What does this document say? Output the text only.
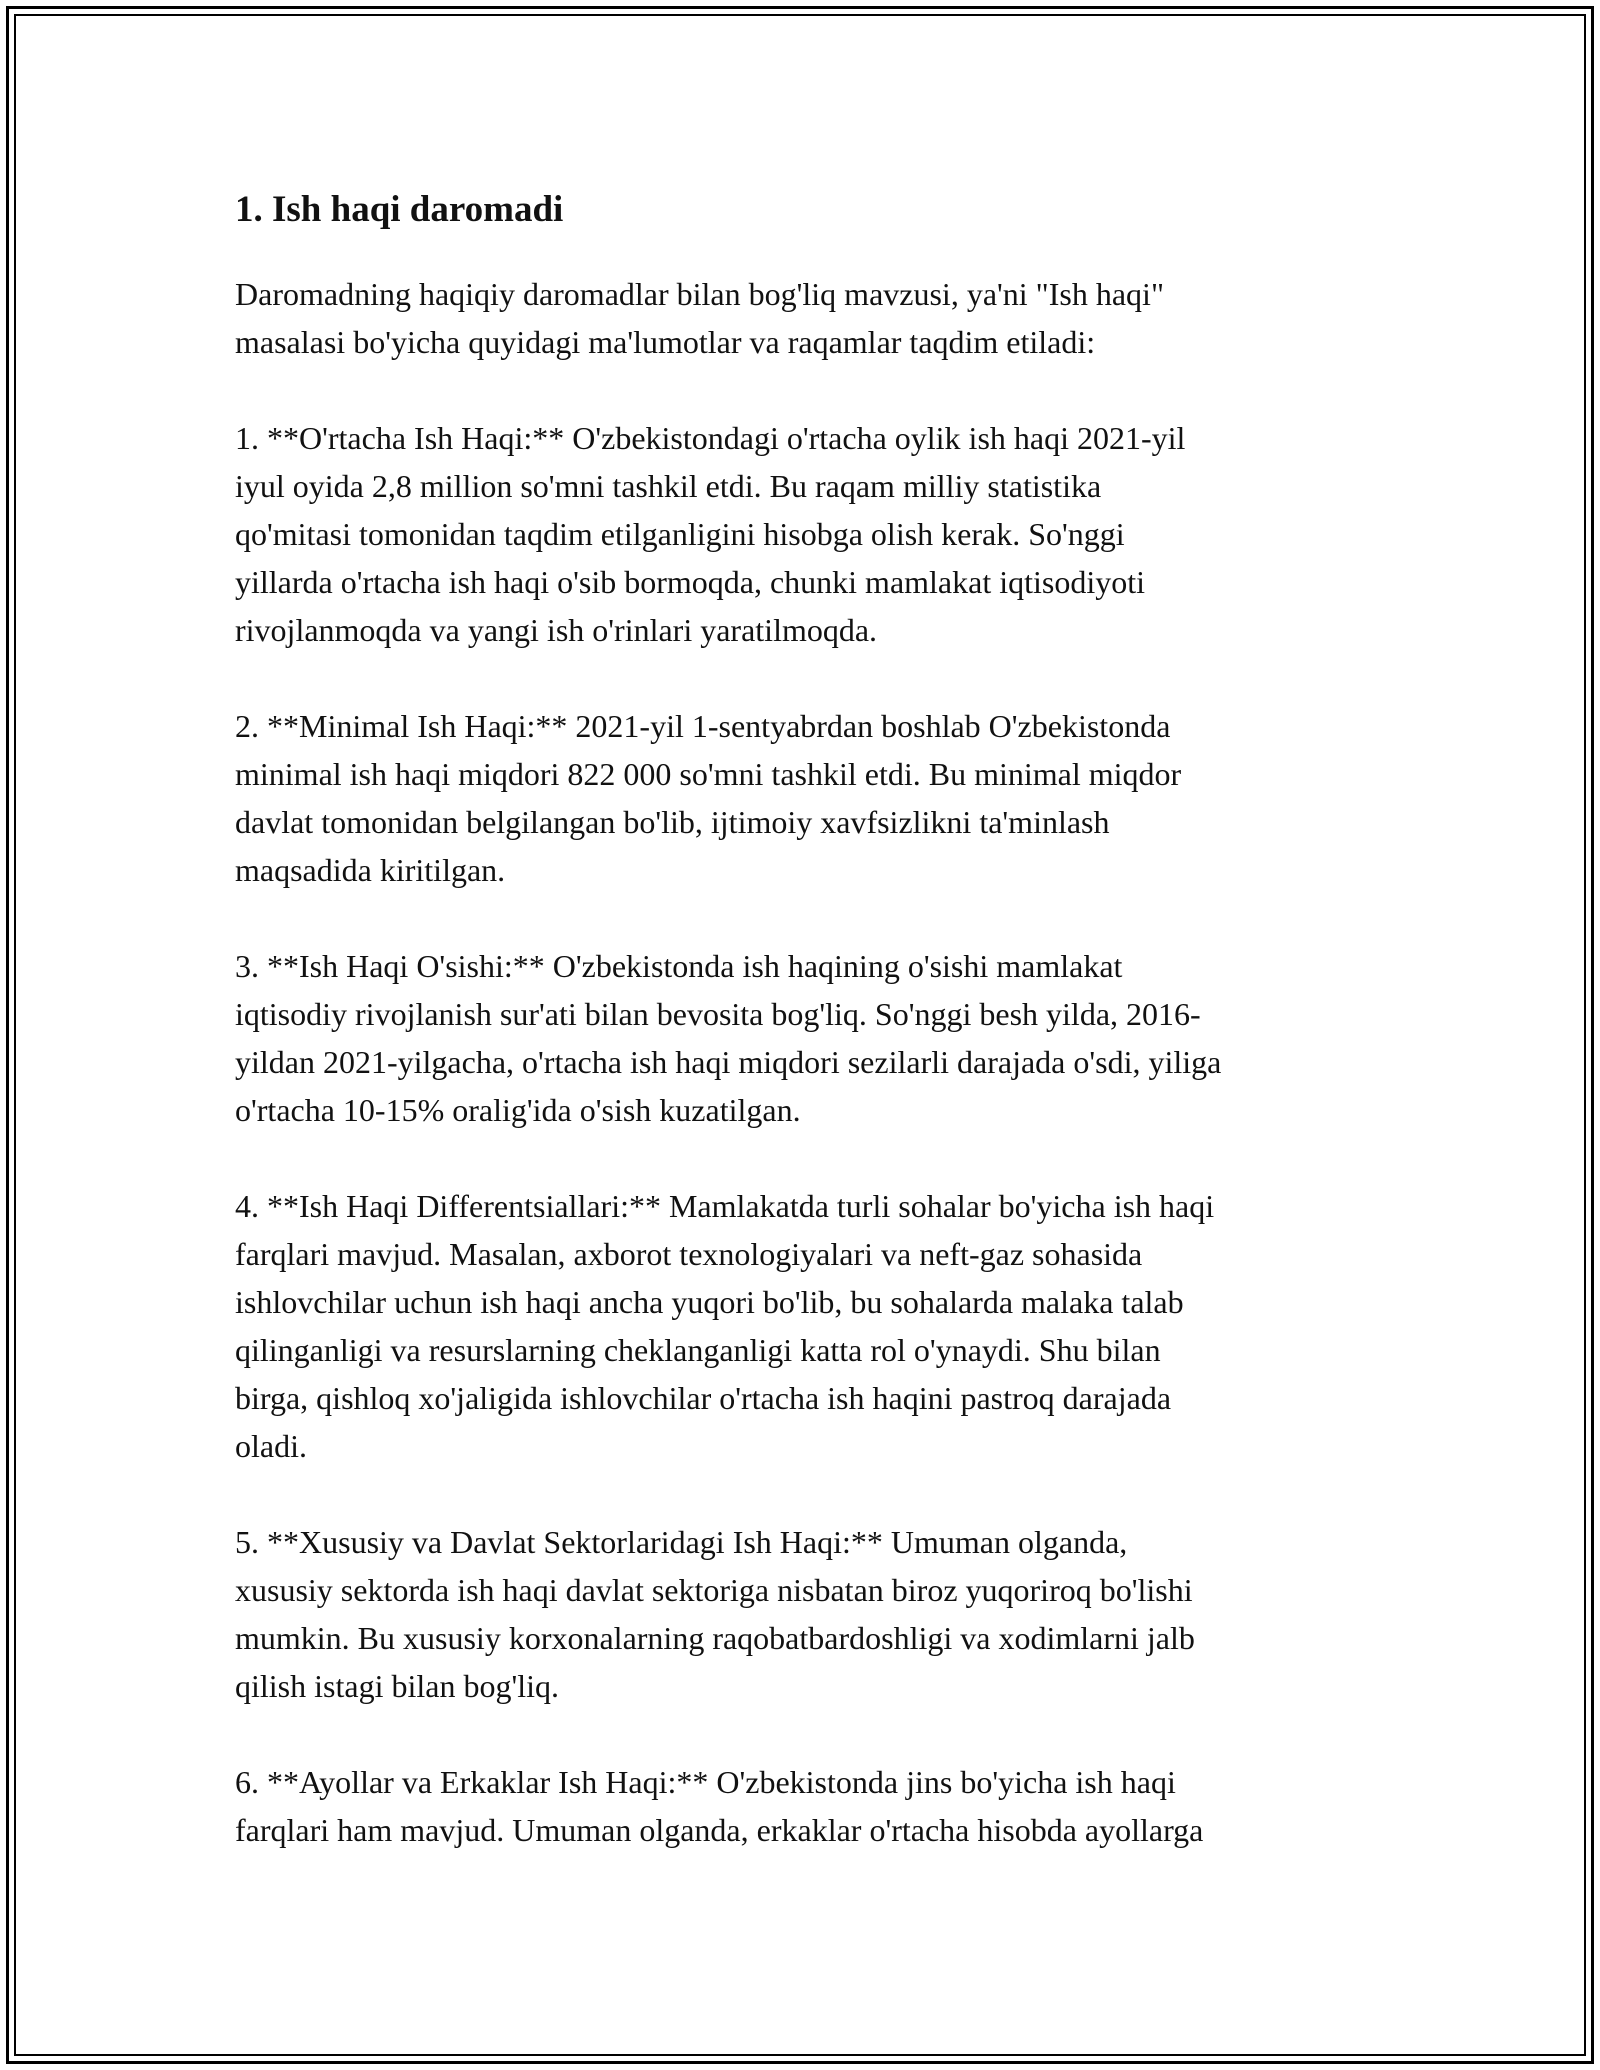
1. Ish haqi daromadi

Daromadning haqiqiy daromadlar bilan bog'liq mavzusi, ya'ni "Ish haqi"
masalasi bo'yicha quyidagi ma'lumotlar va raqamlar taqdim etiladi:

1. **O'rtacha Ish Haqi:** O'zbekistondagi o'rtacha oylik ish haqi 2021-yil
iyul oyida 2,8 million so'mni tashkil etdi. Bu raqam milliy statistika
qo'mitasi tomonidan taqdim etilganligini hisobga olish kerak. So'nggi
yillarda o'rtacha ish haqi o'sib bormoqda, chunki mamlakat iqtisodiyoti
rivojlanmoqda va yangi ish o'rinlari yaratilmoqda.

2. **Minimal Ish Haqi:** 2021-yil 1-sentyabrdan boshlab O'zbekistonda
minimal ish haqi miqdori 822 000 so'mni tashkil etdi. Bu minimal miqdor
davlat tomonidan belgilangan bo'lib, ijtimoiy xavfsizlikni ta'minlash
maqsadida kiritilgan.

3. **Ish Haqi O'sishi:** O'zbekistonda ish haqining o'sishi mamlakat
iqtisodiy rivojlanish sur'ati bilan bevosita bog'liq. So'nggi besh yilda, 2016-
yildan 2021-yilgacha, o'rtacha ish haqi miqdori sezilarli darajada o'sdi, yiliga
o'rtacha 10-15% oralig'ida o'sish kuzatilgan.

4. **Ish Haqi Differentsiallari:** Mamlakatda turli sohalar bo'yicha ish haqi
farqlari mavjud. Masalan, axborot texnologiyalari va neft-gaz sohasida
ishlovchilar uchun ish haqi ancha yuqori bo'lib, bu sohalarda malaka talab
qilinganligi va resurslarning cheklanganligi katta rol o'ynaydi. Shu bilan
birga, qishloq xo'jaligida ishlovchilar o'rtacha ish haqini pastroq darajada
oladi.

5. **Xususiy va Davlat Sektorlaridagi Ish Haqi:** Umuman olganda,
xususiy sektorda ish haqi davlat sektoriga nisbatan biroz yuqoriroq bo'lishi
mumkin. Bu xususiy korxonalarning raqobatbardoshligi va xodimlarni jalb
qilish istagi bilan bog'liq.

6. **Ayollar va Erkaklar Ish Haqi:** O'zbekistonda jins bo'yicha ish haqi
farqlari ham mavjud. Umuman olganda, erkaklar o'rtacha hisobda ayollarga
